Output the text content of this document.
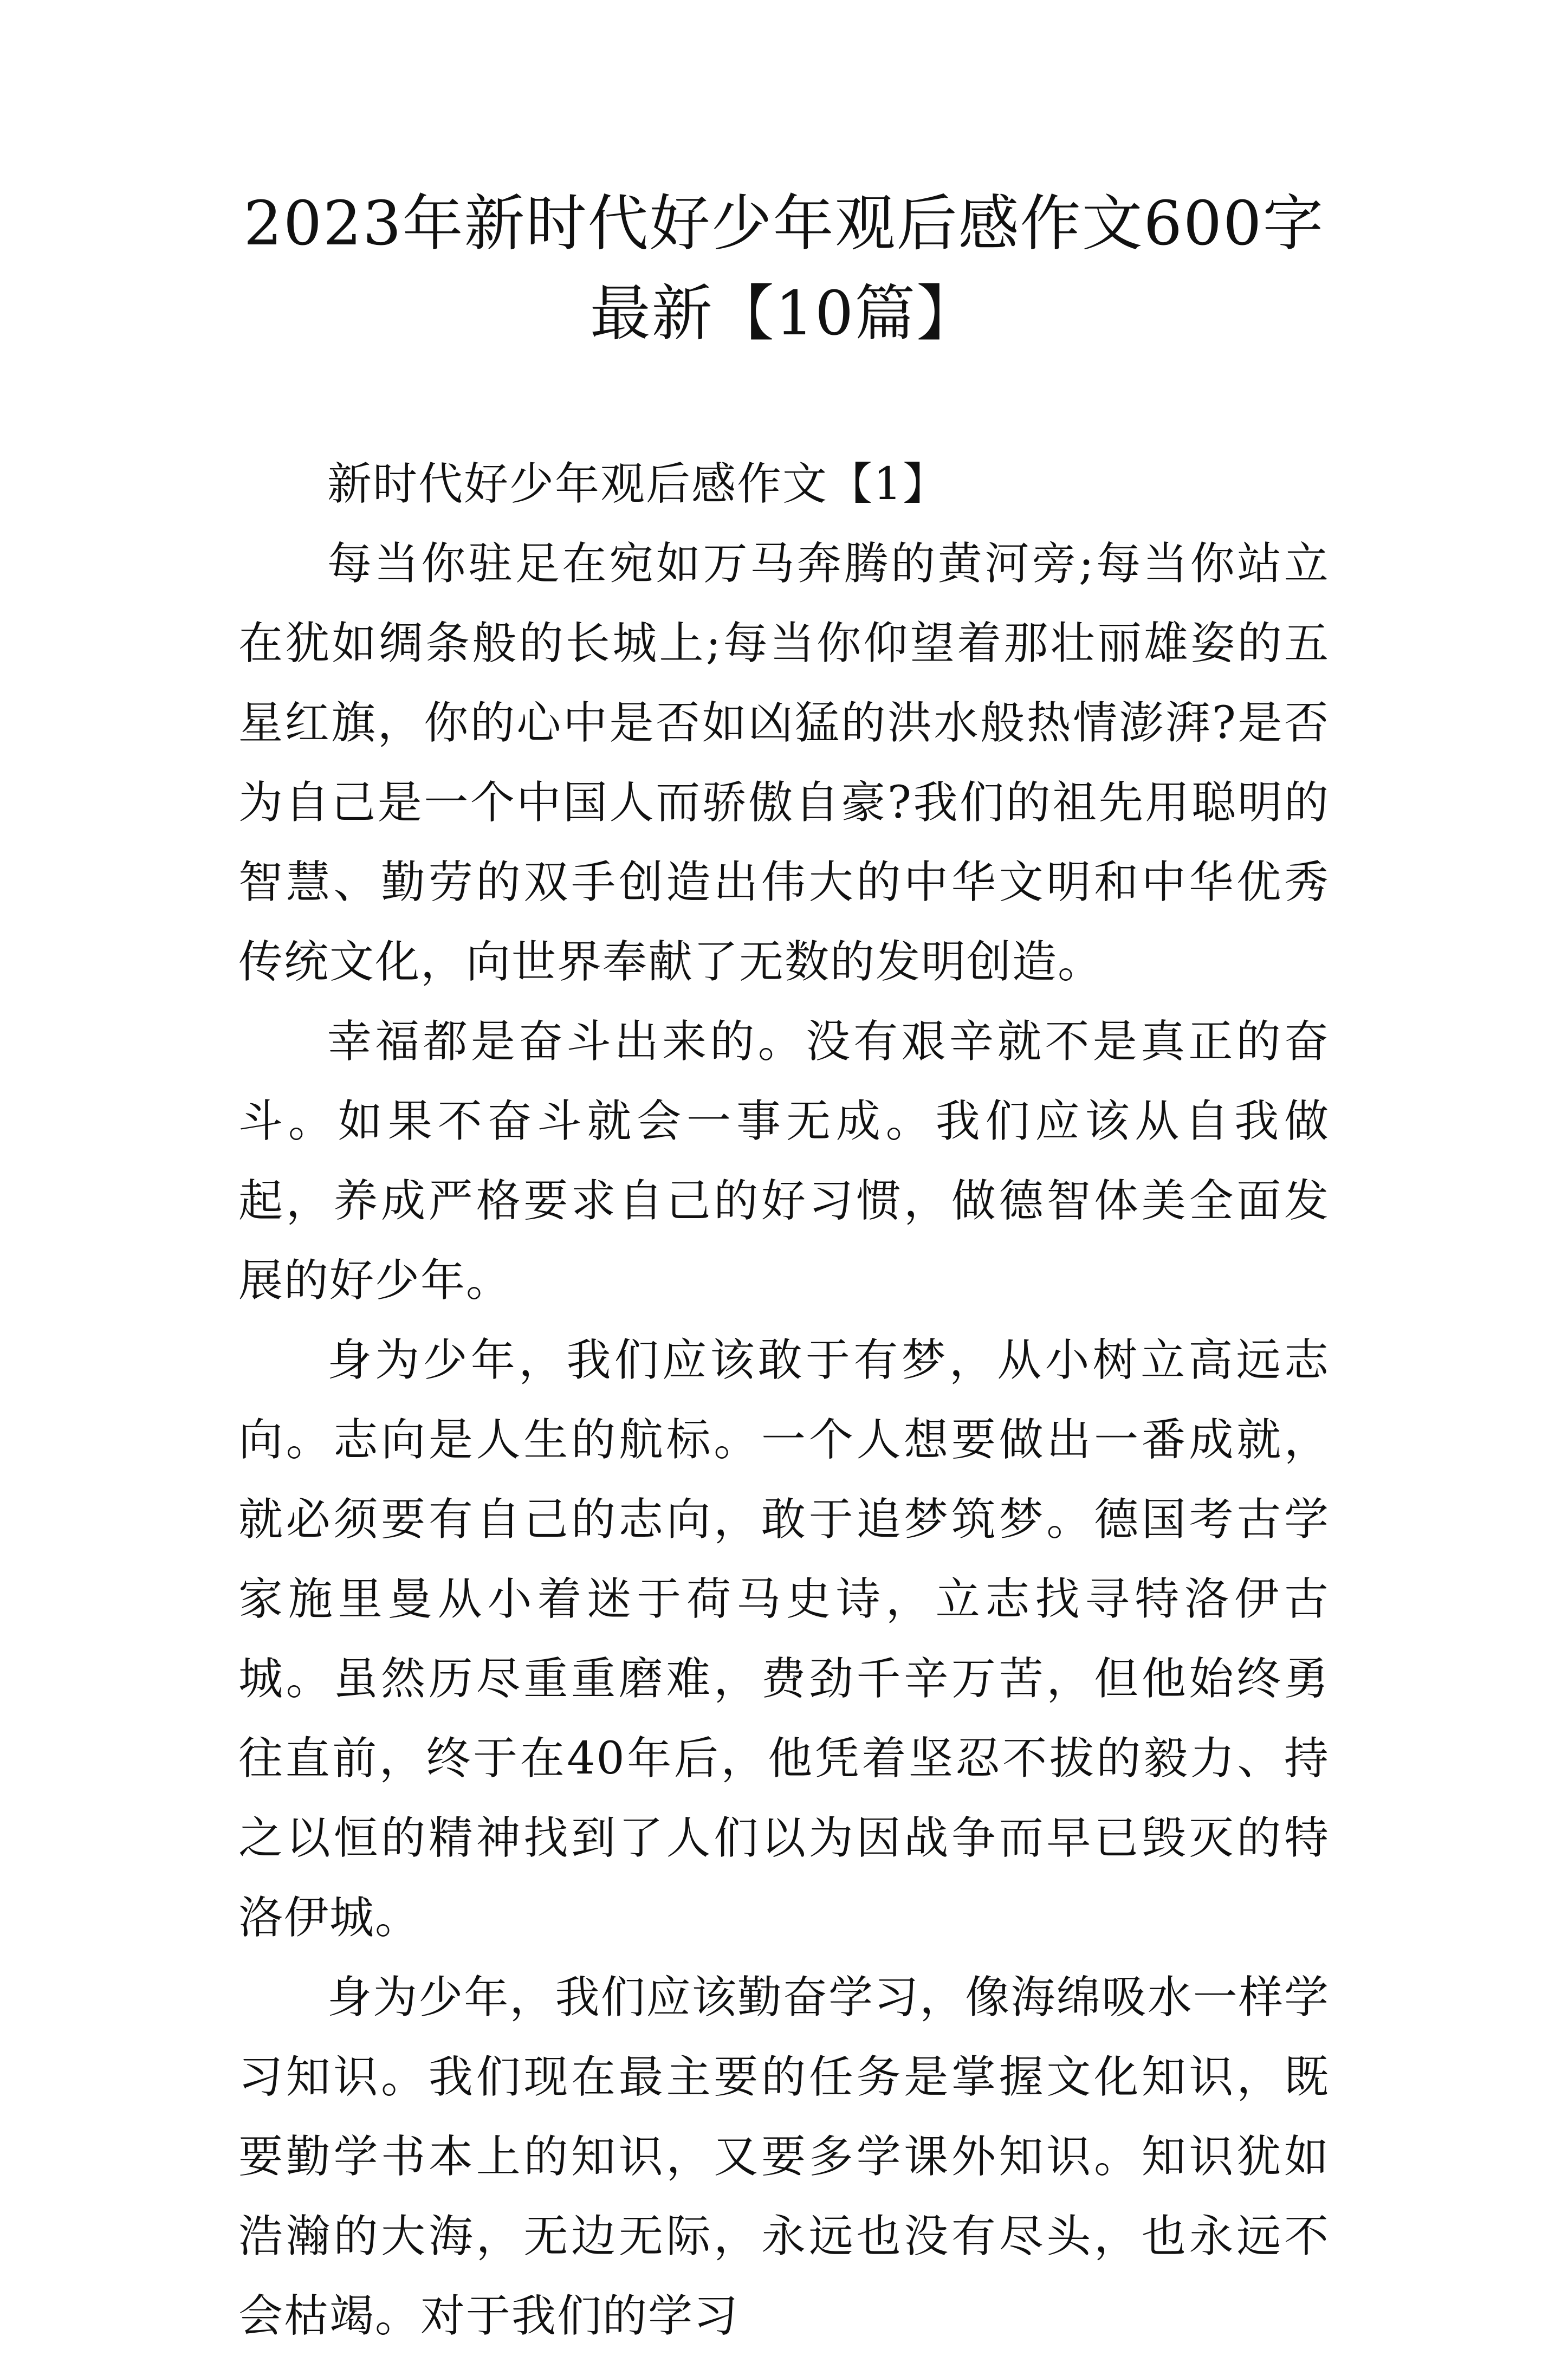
2023年新时代好少年观后感作文600字最新【10篇】

新时代好少年观后感作文【1】

每当你驻足在宛如万马奔腾的黄河旁;每当你站立在犹如绸条般的长城上;每当你仰望着那壮丽雄姿的五星红旗，你的心中是否如凶猛的洪水般热情澎湃?是否为自己是一个中国人而骄傲自豪?我们的祖先用聪明的智慧、勤劳的双手创造出伟大的中华文明和中华优秀传统文化，向世界奉献了无数的发明创造。

幸福都是奋斗出来的。没有艰辛就不是真正的奋斗。如果不奋斗就会一事无成。我们应该从自我做起，养成严格要求自己的好习惯，做德智体美全面发展的好少年。

身为少年，我们应该敢于有梦，从小树立高远志向。志向是人生的航标。一个人想要做出一番成就，就必须要有自己的志向，敢于追梦筑梦。德国考古学家施里曼从小着迷于荷马史诗，立志找寻特洛伊古城。虽然历尽重重磨难，费劲千辛万苦，但他始终勇往直前，终于在40年后，他凭着坚忍不拔的毅力、持之以恒的精神找到了人们以为因战争而早已毁灭的特洛伊城。

身为少年，我们应该勤奋学习，像海绵吸水一样学习知识。我们现在最主要的任务是掌握文化知识，既要勤学书本上的知识，又要多学课外知识。知识犹如浩瀚的大海，无边无际，永远也没有尽头，也永远不会枯竭。对于我们的学习
